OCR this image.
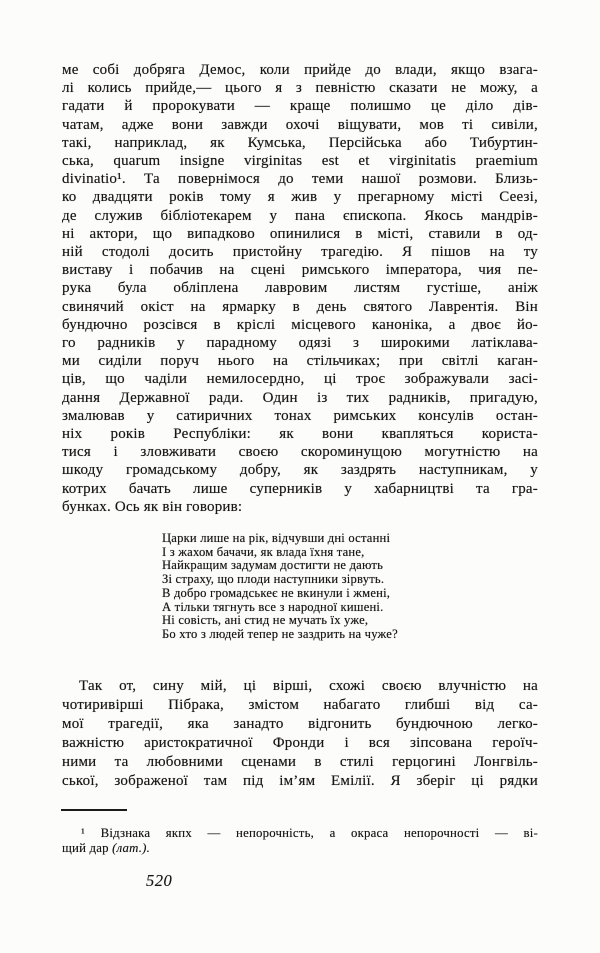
ме собі добряга Демос, коли прийде до влади, якщо взага-
лі колись прийде,— цього я з певністю сказати не можу, а
гадати й пророкувати — краще полишмо це діло дів-
чатам, адже вони завжди охочі віщувати, мов ті сивіли,
такі, наприклад, як Кумська, Персійська або Тибуртин-
ська, quarum insigne virginitas est et virginitatis praemium
divinatio¹. Та повернімося до теми нашої розмови. Близь-
ко двадцяти років тому я жив у прегарному місті Сеезі,
де служив бібліотекарем у пана єпископа. Якось мандрів-
ні актори, що випадково опинилися в місті, ставили в од-
ній стодолі досить пристойну трагедію. Я пішов на ту
виставу і побачив на сцені римського імператора, чия пе-
рука була обліплена лавровим листям густіше, аніж
свинячий окіст на ярмарку в день святого Лаврентія. Він
бундючно розсівся в кріслі місцевого каноніка, а двоє йо-
го радників у парадному одязі з широкими латіклава-
ми сиділи поруч нього на стільчиках; при світлі каган-
ців, що чаділи немилосердно, ці троє зображували засі-
дання Державної ради. Один із тих радників, пригадую,
змалював у сатиричних тонах римських консулів остан-
ніх років Республіки: як вони квапляться користа-
тися і зловживати своєю скороминущою могутністю на
шкоду громадському добру, як заздрять наступникам, у
котрих бачать лише суперників у хабарництві та гра-
бунках. Ось як він говорив:
Царки лише на рік, відчувши дні останні
І з жахом бачачи, як влада їхня тане,
Найкращим задумам достигти не дають
Зі страху, що плоди наступники зірвуть.
В добро громадськеє не вкинули і жмені,
А тільки тягнуть все з народної кишені.
Ні совість, ані стид не мучать їх уже,
Бо хто з людей тепер не заздрить на чуже?
Так от, сину мій, ці вірші, схожі своєю влучністю на
чотиривірші Пібрака, змістом набагато глибші від са-
мої трагедії, яка занадто відгонить бундючною легко-
важністю аристократичної Фронди і вся зіпсована героїч-
ними та любовними сценами в стилі герцогині Лонгвіль-
ської, зображеної там під ім’ям Емілії. Я зберіг ці рядки
¹ Відзнака якпх — непорочність, а окраса непорочності — ві-
щий дар (лат.).
520
